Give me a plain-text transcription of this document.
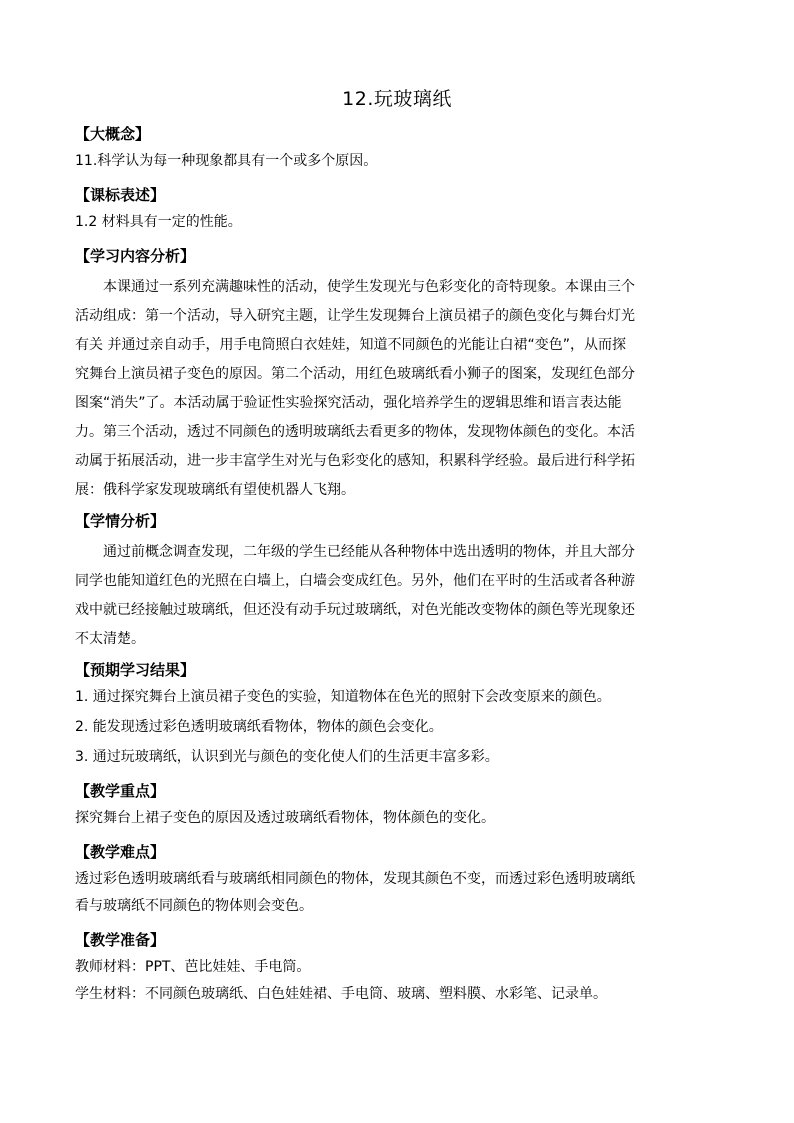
12.玩玻璃纸

【大概念】

11.科学认为每一种现象都具有一个或多个原因。

【课标表述】

1.2 材料具有一定的性能。

【学习内容分析】

本课通过一系列充满趣味性的活动，使学生发现光与色彩变化的奇特现象。本课由三个
活动组成：第一个活动，导入研究主题，让学生发现舞台上演员裙子的颜色变化与舞台灯光
有关 并通过亲自动手，用手电筒照白衣娃娃，知道不同颜色的光能让白裙“变色”，从而探
究舞台上演员裙子变色的原因。第二个活动，用红色玻璃纸看小狮子的图案，发现红色部分
图案“消失”了。本活动属于验证性实验探究活动，强化培养学生的逻辑思维和语言表达能
力。第三个活动，透过不同颜色的透明玻璃纸去看更多的物体，发现物体颜色的变化。本活
动属于拓展活动，进一步丰富学生对光与色彩变化的感知，积累科学经验。最后进行科学拓
展：俄科学家发现玻璃纸有望使机器人飞翔。

【学情分析】

通过前概念调查发现，二年级的学生已经能从各种物体中选出透明的物体，并且大部分
同学也能知道红色的光照在白墙上，白墙会变成红色。另外，他们在平时的生活或者各种游
戏中就已经接触过玻璃纸，但还没有动手玩过玻璃纸，对色光能改变物体的颜色等光现象还
不太清楚。

【预期学习结果】

1. 通过探究舞台上演员裙子变色的实验，知道物体在色光的照射下会改变原来的颜色。

2. 能发现透过彩色透明玻璃纸看物体，物体的颜色会变化。

3. 通过玩玻璃纸，认识到光与颜色的变化使人们的生活更丰富多彩。

【教学重点】

探究舞台上裙子变色的原因及透过玻璃纸看物体，物体颜色的变化。

【教学难点】

透过彩色透明玻璃纸看与玻璃纸相同颜色的物体，发现其颜色不变，而透过彩色透明玻璃纸

看与玻璃纸不同颜色的物体则会变色。

【教学准备】

教师材料：PPT、芭比娃娃、手电筒。

学生材料：不同颜色玻璃纸、白色娃娃裙、手电筒、玻璃、塑料膜、水彩笔、记录单。
